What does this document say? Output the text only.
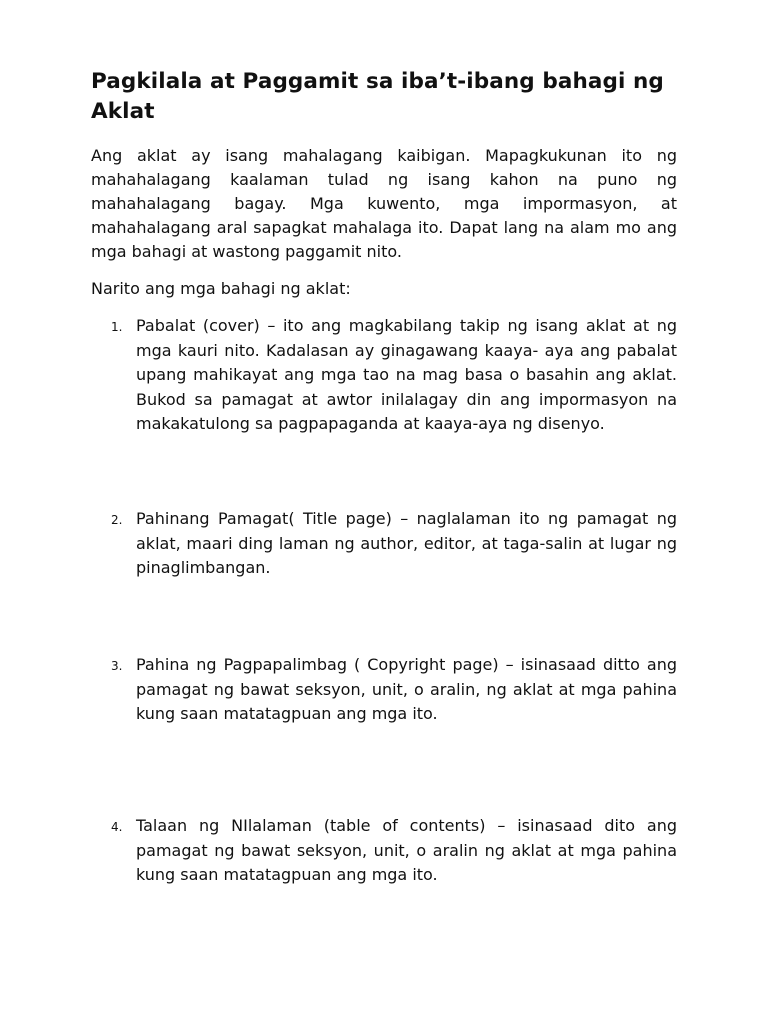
Pagkilala at Paggamit sa iba’t-ibang bahagi ng Aklat

Ang aklat ay isang mahalagang kaibigan. Mapagkukunan ito ng mahahalagang kaalaman tulad ng isang kahon na puno ng mahahalagang bagay. Mga kuwento, mga impormasyon, at mahahalagang aral sapagkat mahalaga ito. Dapat lang na alam mo ang mga bahagi at wastong paggamit nito.

Narito ang mga bahagi ng aklat:

1. Pabalat (cover) – ito ang magkabilang takip ng isang aklat at ng mga kauri nito. Kadalasan ay ginagawang kaaya- aya ang pabalat upang mahikayat ang mga tao na mag basa o basahin ang aklat. Bukod sa pamagat at awtor inilalagay din ang impormasyon na makakatulong sa pagpapaganda at kaaya-aya ng disenyo.
2. Pahinang Pamagat( Title page) – naglalaman ito ng pamagat ng aklat, maari ding laman ng author, editor, at taga-salin at lugar ng pinaglimbangan.
3. Pahina ng Pagpapalimbag ( Copyright page) – isinasaad ditto ang pamagat ng bawat seksyon, unit, o aralin, ng aklat at mga pahina kung saan matatagpuan ang mga ito.
4. Talaan ng NIlalaman (table of contents) – isinasaad dito ang pamagat ng bawat seksyon, unit, o aralin ng aklat at mga pahina kung saan matatagpuan ang mga ito.
